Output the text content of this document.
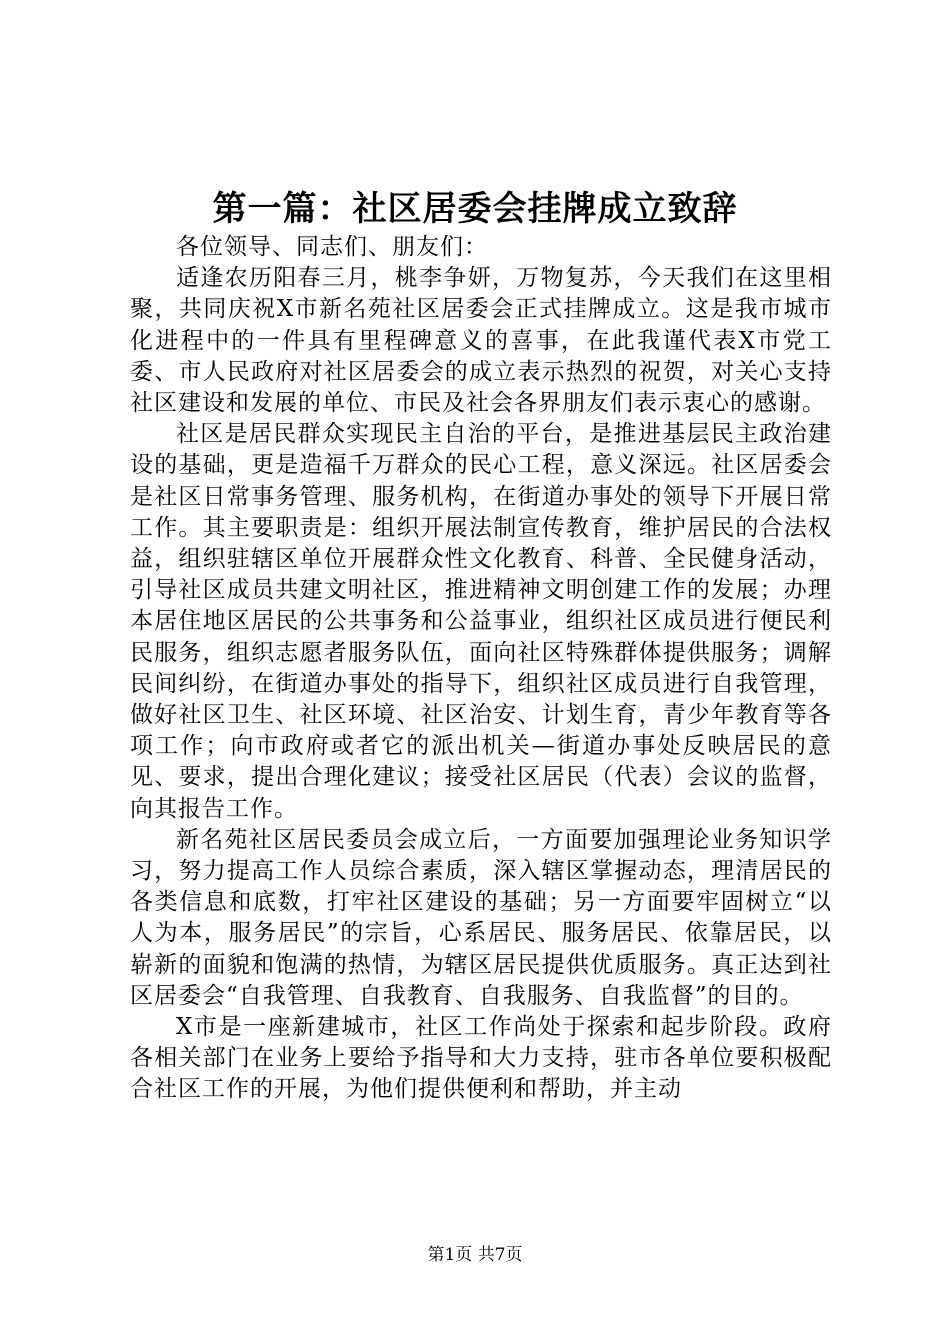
第一篇：社区居委会挂牌成立致辞

各位领导、同志们、朋友们：

适逢农历阳春三月，桃李争妍，万物复苏，今天我们在这里相聚，共同庆祝X市新名苑社区居委会正式挂牌成立。这是我市城市化进程中的一件具有里程碑意义的喜事，在此我谨代表X市党工委、市人民政府对社区居委会的成立表示热烈的祝贺，对关心支持社区建设和发展的单位、市民及社会各界朋友们表示衷心的感谢。

社区是居民群众实现民主自治的平台，是推进基层民主政治建设的基础，更是造福千万群众的民心工程，意义深远。社区居委会是社区日常事务管理、服务机构，在街道办事处的领导下开展日常工作。其主要职责是：组织开展法制宣传教育，维护居民的合法权益，组织驻辖区单位开展群众性文化教育、科普、全民健身活动，引导社区成员共建文明社区，推进精神文明创建工作的发展；办理本居住地区居民的公共事务和公益事业，组织社区成员进行便民利民服务，组织志愿者服务队伍，面向社区特殊群体提供服务；调解民间纠纷，在街道办事处的指导下，组织社区成员进行自我管理，做好社区卫生、社区环境、社区治安、计划生育，青少年教育等各项工作；向市政府或者它的派出机关—街道办事处反映居民的意见、要求，提出合理化建议；接受社区居民（代表）会议的监督，向其报告工作。

新名苑社区居民委员会成立后，一方面要加强理论业务知识学习，努力提高工作人员综合素质，深入辖区掌握动态，理清居民的各类信息和底数，打牢社区建设的基础；另一方面要牢固树立“以人为本，服务居民”的宗旨，心系居民、服务居民、依靠居民，以崭新的面貌和饱满的热情，为辖区居民提供优质服务。真正达到社区居委会“自我管理、自我教育、自我服务、自我监督”的目的。

X市是一座新建城市，社区工作尚处于探索和起步阶段。政府各相关部门在业务上要给予指导和大力支持，驻市各单位要积极配合社区工作的开展，为他们提供便利和帮助，并主动

第1页 共7页
